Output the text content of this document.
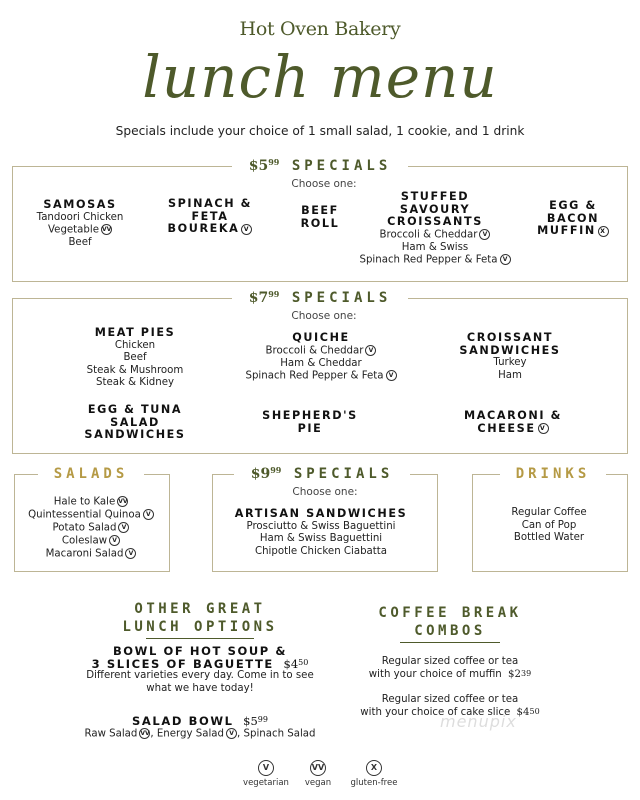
Hot Oven Bakery
lunch menu
Specials include your choice of 1 small salad, 1 cookie, and 1 drink
$\$5^{99}$ SPECIALS
Choose one:
SAMOSAS
Tandoori Chicken
Vegetable VV
Beef
SPINACH &
FETA
BOUREKA V
BEEF
ROLL
STUFFED
SAVOURY
CROISSANTS
Broccoli & Cheddar V
Ham & Swiss
Spinach Red Pepper & Feta V
EGG &
BACON
MUFFIN X
$\$7^{99}$ SPECIALS
Choose one:
MEAT PIES
Chicken
Beef
Steak & Mushroom
Steak & Kidney
QUICHE
Broccoli & Cheddar V
Ham & Cheddar
Spinach Red Pepper & Feta V
CROISSANT
SANDWICHES
Turkey
Ham
EGG & TUNA
SALAD
SANDWICHES
SHEPHERD'S
PIE
MACARONI &
CHEESE V
SALADS
Hale to Kale VV
Quintessential Quinoa V
Potato Salad V
Coleslaw V
Macaroni Salad V
$\$9^{99}$ SPECIALS
Choose one:
ARTISAN SANDWICHES
Prosciutto & Swiss Baguettini
Ham & Swiss Baguettini
Chipotle Chicken Ciabatta
DRINKS
Regular Coffee
Can of Pop
Bottled Water
OTHER GREAT
LUNCH OPTIONS
BOWL OF HOT SOUP &
3 SLICES OF BAGUETTE $\$4^{50}$
Different varieties every day. Come in to see
what we have today!
SALAD BOWL $\$5^{99}$
Raw Salad VV, Energy Salad V , Spinach Salad
COFFEE BREAK
COMBOS
Regular sized coffee or tea
with your choice of muffin $\$2^{39}$
Regular sized coffee or tea
with your choice of cake slice $\$4^{50}$
V
vegetarian
VV
vegan
X
gluten-free
menupix
